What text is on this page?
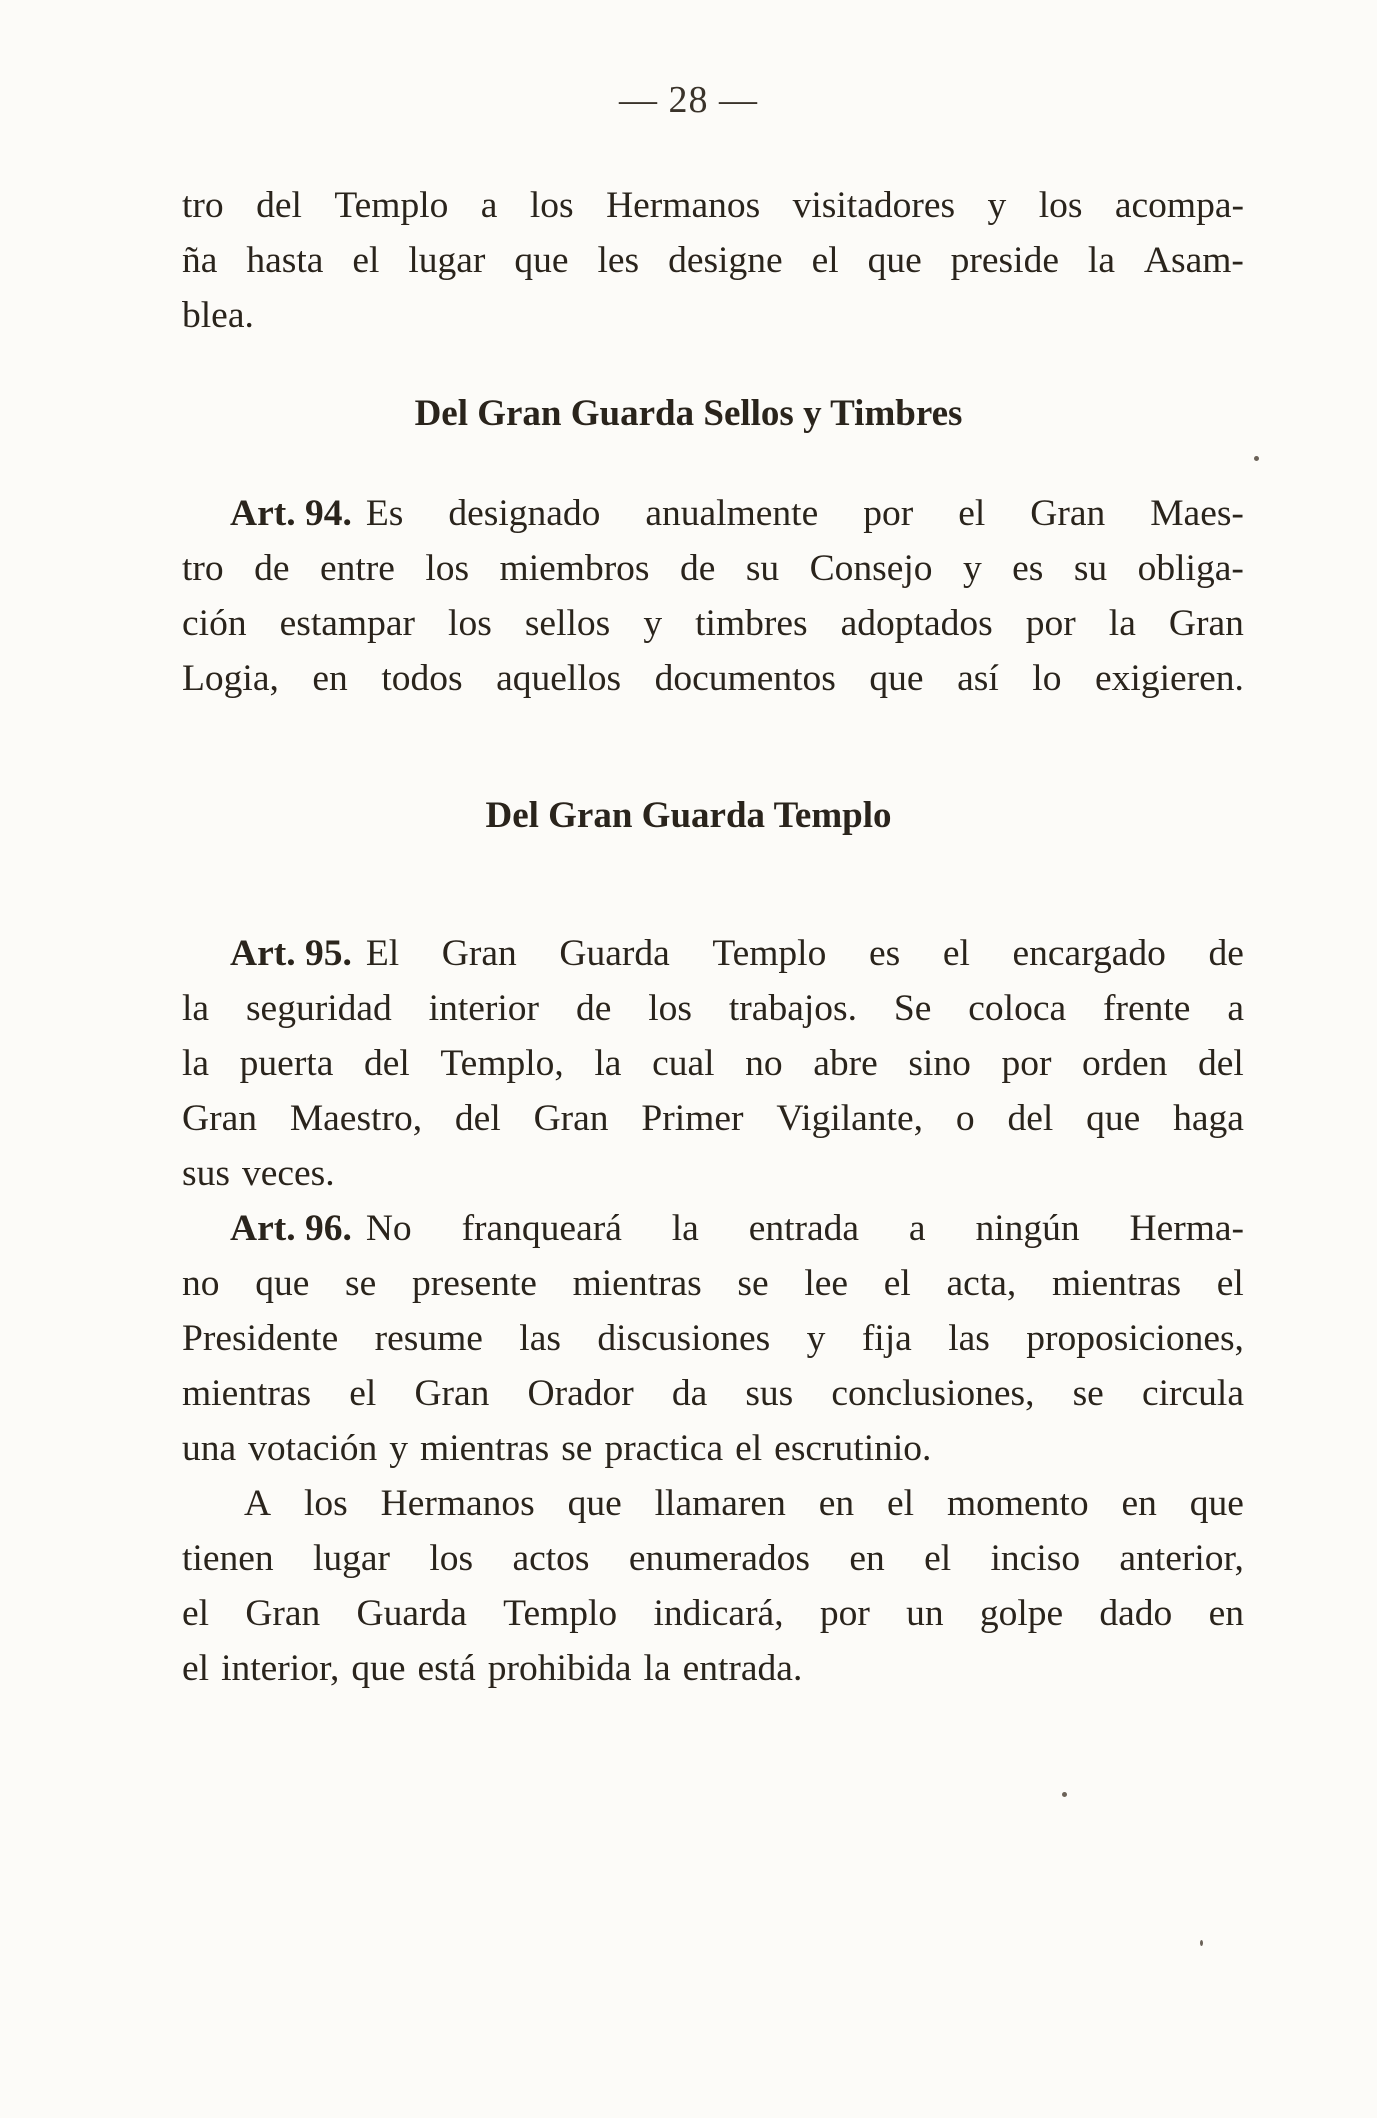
— 28 —
tro del Templo a los Hermanos visitadores y los acompa-
ña hasta el lugar que les designe el que preside la Asam-
blea.
Del Gran Guarda Sellos y Timbres
Art. 94. Es designado anualmente por el Gran Maes-
tro de entre los miembros de su Consejo y es su obliga-
ción estampar los sellos y timbres adoptados por la Gran
Logia, en todos aquellos documentos que así lo exigieren.
Del Gran Guarda Templo
Art. 95. El Gran Guarda Templo es el encargado de
la seguridad interior de los trabajos. Se coloca frente a
la puerta del Templo, la cual no abre sino por orden del
Gran Maestro, del Gran Primer Vigilante, o del que haga
sus veces.
Art. 96. No franqueará la entrada a ningún Herma-
no que se presente mientras se lee el acta, mientras el
Presidente resume las discusiones y fija las proposiciones,
mientras el Gran Orador da sus conclusiones, se circula
una votación y mientras se practica el escrutinio.
A los Hermanos que llamaren en el momento en que
tienen lugar los actos enumerados en el inciso anterior,
el Gran Guarda Templo indicará, por un golpe dado en
el interior, que está prohibida la entrada.
